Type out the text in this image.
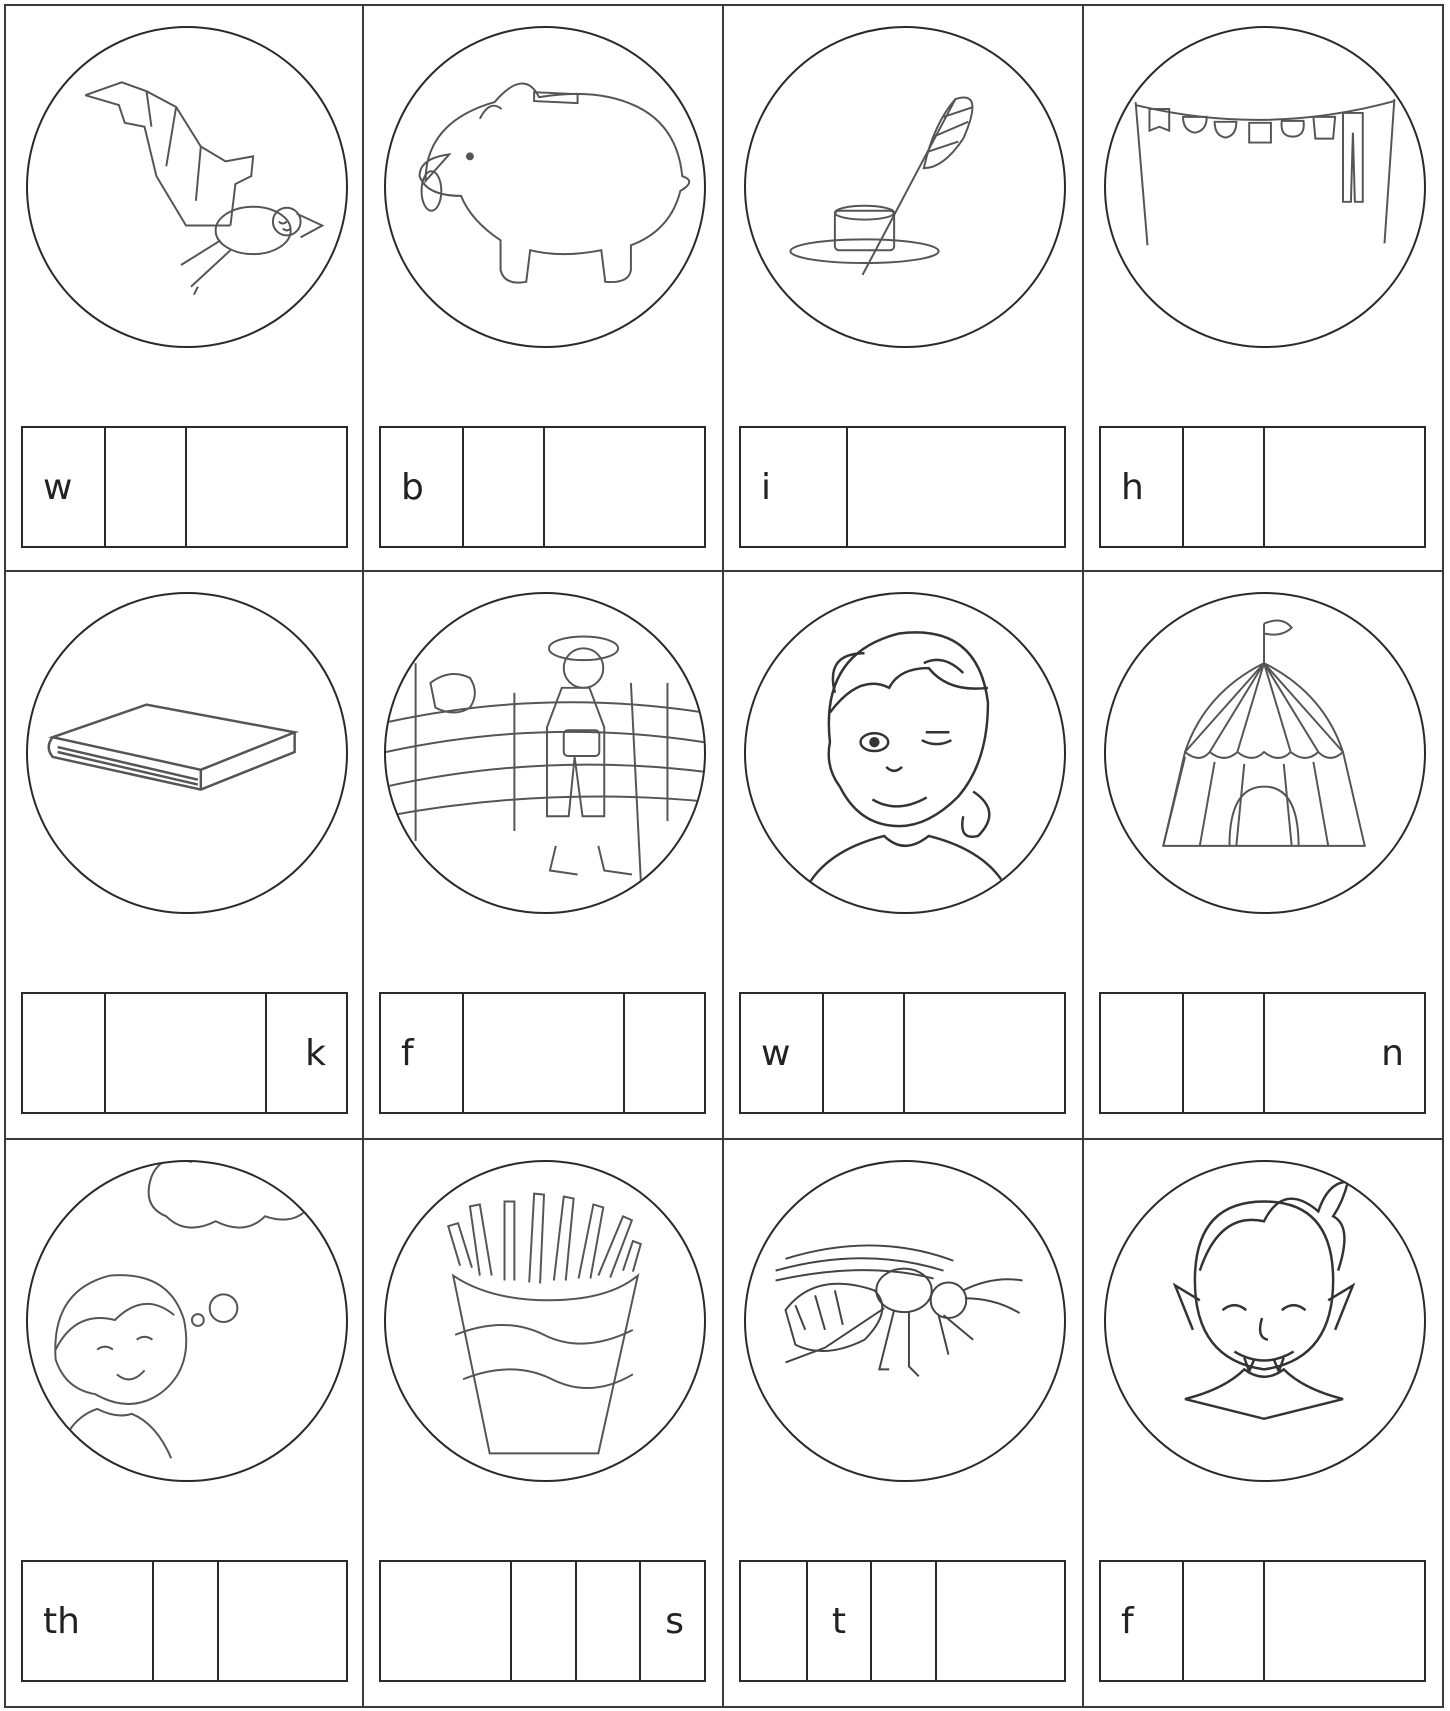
w	b	i	h
k	f	w	n
th	s	t	f
